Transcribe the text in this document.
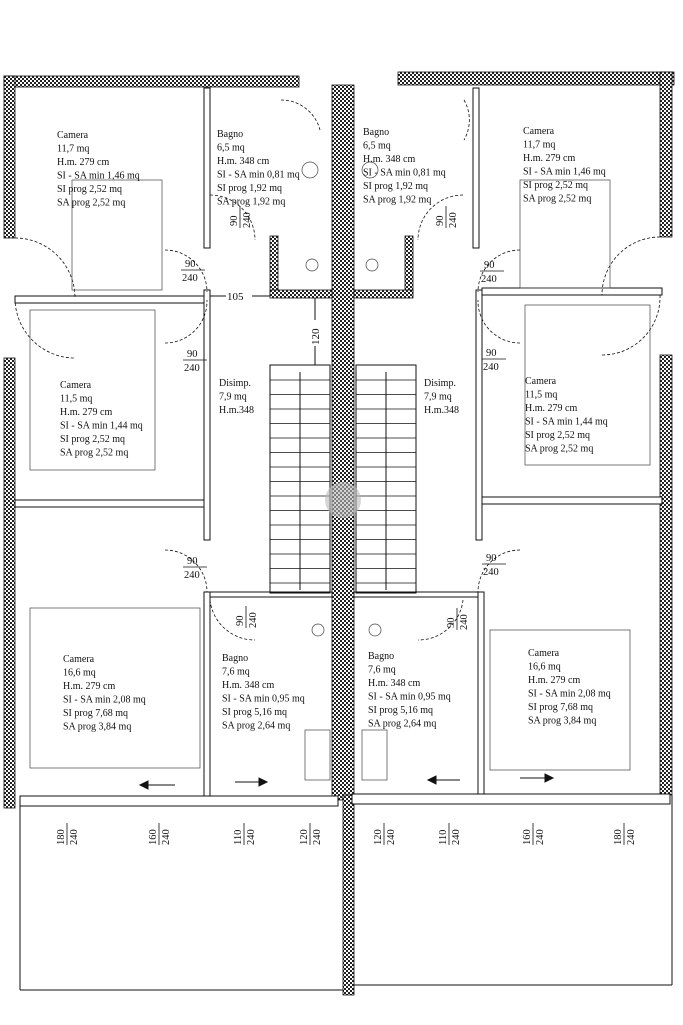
105
120
Camera 11,7 mq H.m. 279 cm SI - SA min 1,46 mq SI prog 2,52 mq SA prog 2,52 mq
Bagno 6,5 mq H.m. 348 cm SI - SA min 0,81 mq SI prog 1,92 mq SA prog 1,92 mq
Bagno 6,5 mq H.m. 348 cm SI - SA min 0,81 mq SI prog 1,92 mq SA prog 1,92 mq
Camera 11,7 mq H.m. 279 cm SI - SA min 1,46 mq SI prog 2,52 mq SA prog 2,52 mq
Camera 11,5 mq H.m. 279 cm SI - SA min 1,44 mq SI prog 2,52 mq SA prog 2,52 mq
Disimp. 7,9 mq H.m.348
Disimp. 7,9 mq H.m.348
Camera 11,5 mq H.m. 279 cm SI - SA min 1,44 mq SI prog 2,52 mq SA prog 2,52 mq
Camera 16,6 mq H.m. 279 cm SI - SA min 2,08 mq SI prog 7,68 mq SA prog 3,84 mq
Bagno 7,6 mq H.m. 348 cm SI - SA min 0,95 mq SI prog 5,16 mq SA prog 2,64 mq
Bagno 7,6 mq H.m. 348 cm SI - SA min 0,95 mq SI prog 5,16 mq SA prog 2,64 mq
Camera 16,6 mq H.m. 279 cm SI - SA min 2,08 mq SI prog 7,68 mq SA prog 3,84 mq
90
240
90
240
90
240
90
240
90
240
90
240
90 240	90 240
90 240	90 240
180 240	160 240	110 240	120 240	120 240	110 240	160 240	180 240
